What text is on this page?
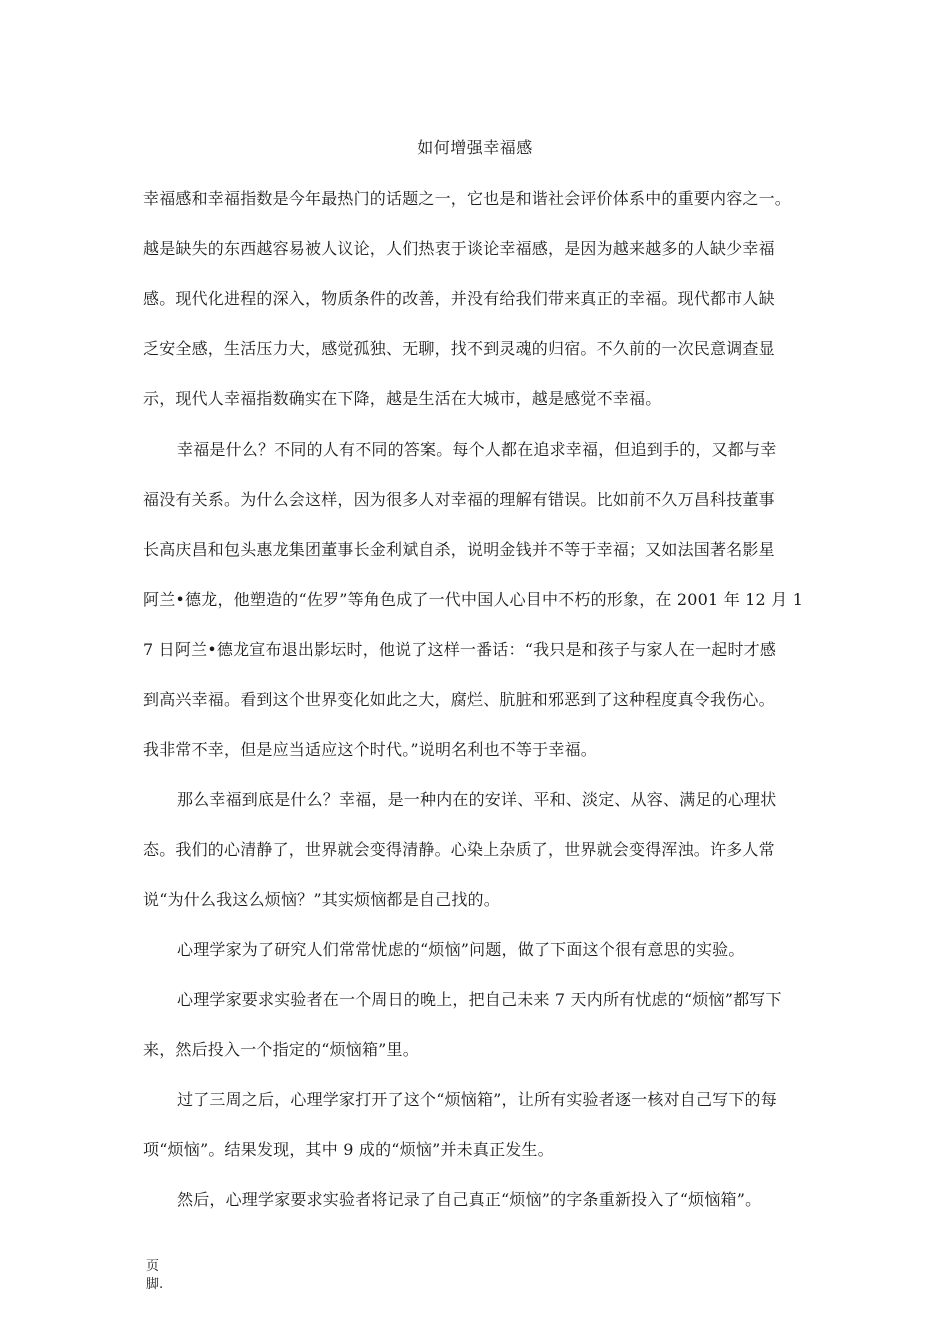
如何增强幸福感
幸福感和幸福指数是今年最热门的话题之一，它也是和谐社会评价体系中的重要内容之一。
越是缺失的东西越容易被人议论，人们热衷于谈论幸福感，是因为越来越多的人缺少幸福
感。现代化进程的深入，物质条件的改善，并没有给我们带来真正的幸福。现代都市人缺
乏安全感，生活压力大，感觉孤独、无聊，找不到灵魂的归宿。不久前的一次民意调查显
示，现代人幸福指数确实在下降，越是生活在大城市，越是感觉不幸福。
幸福是什么？不同的人有不同的答案。每个人都在追求幸福，但追到手的，又都与幸
福没有关系。为什么会这样，因为很多人对幸福的理解有错误。比如前不久万昌科技董事
长高庆昌和包头惠龙集团董事长金利斌自杀，说明金钱并不等于幸福；又如法国著名影星
阿兰•德龙，他塑造的“佐罗”等角色成了一代中国人心目中不朽的形象，在 2001 年 12 月 1
7 日阿兰•德龙宣布退出影坛时，他说了这样一番话：“我只是和孩子与家人在一起时才感
到高兴幸福。看到这个世界变化如此之大，腐烂、肮脏和邪恶到了这种程度真令我伤心。
我非常不幸，但是应当适应这个时代。”说明名利也不等于幸福。
那么幸福到底是什么？幸福，是一种内在的安详、平和、淡定、从容、满足的心理状
态。我们的心清静了，世界就会变得清静。心染上杂质了，世界就会变得浑浊。许多人常
说“为什么我这么烦恼？”其实烦恼都是自己找的。
心理学家为了研究人们常常忧虑的“烦恼”问题，做了下面这个很有意思的实验。
心理学家要求实验者在一个周日的晚上，把自己未来 7 天内所有忧虑的“烦恼”都写下
来，然后投入一个指定的“烦恼箱”里。
过了三周之后，心理学家打开了这个“烦恼箱”，让所有实验者逐一核对自己写下的每
项“烦恼”。结果发现，其中 9 成的“烦恼”并未真正发生。
然后，心理学家要求实验者将记录了自己真正“烦恼”的字条重新投入了“烦恼箱”。
页
脚.
